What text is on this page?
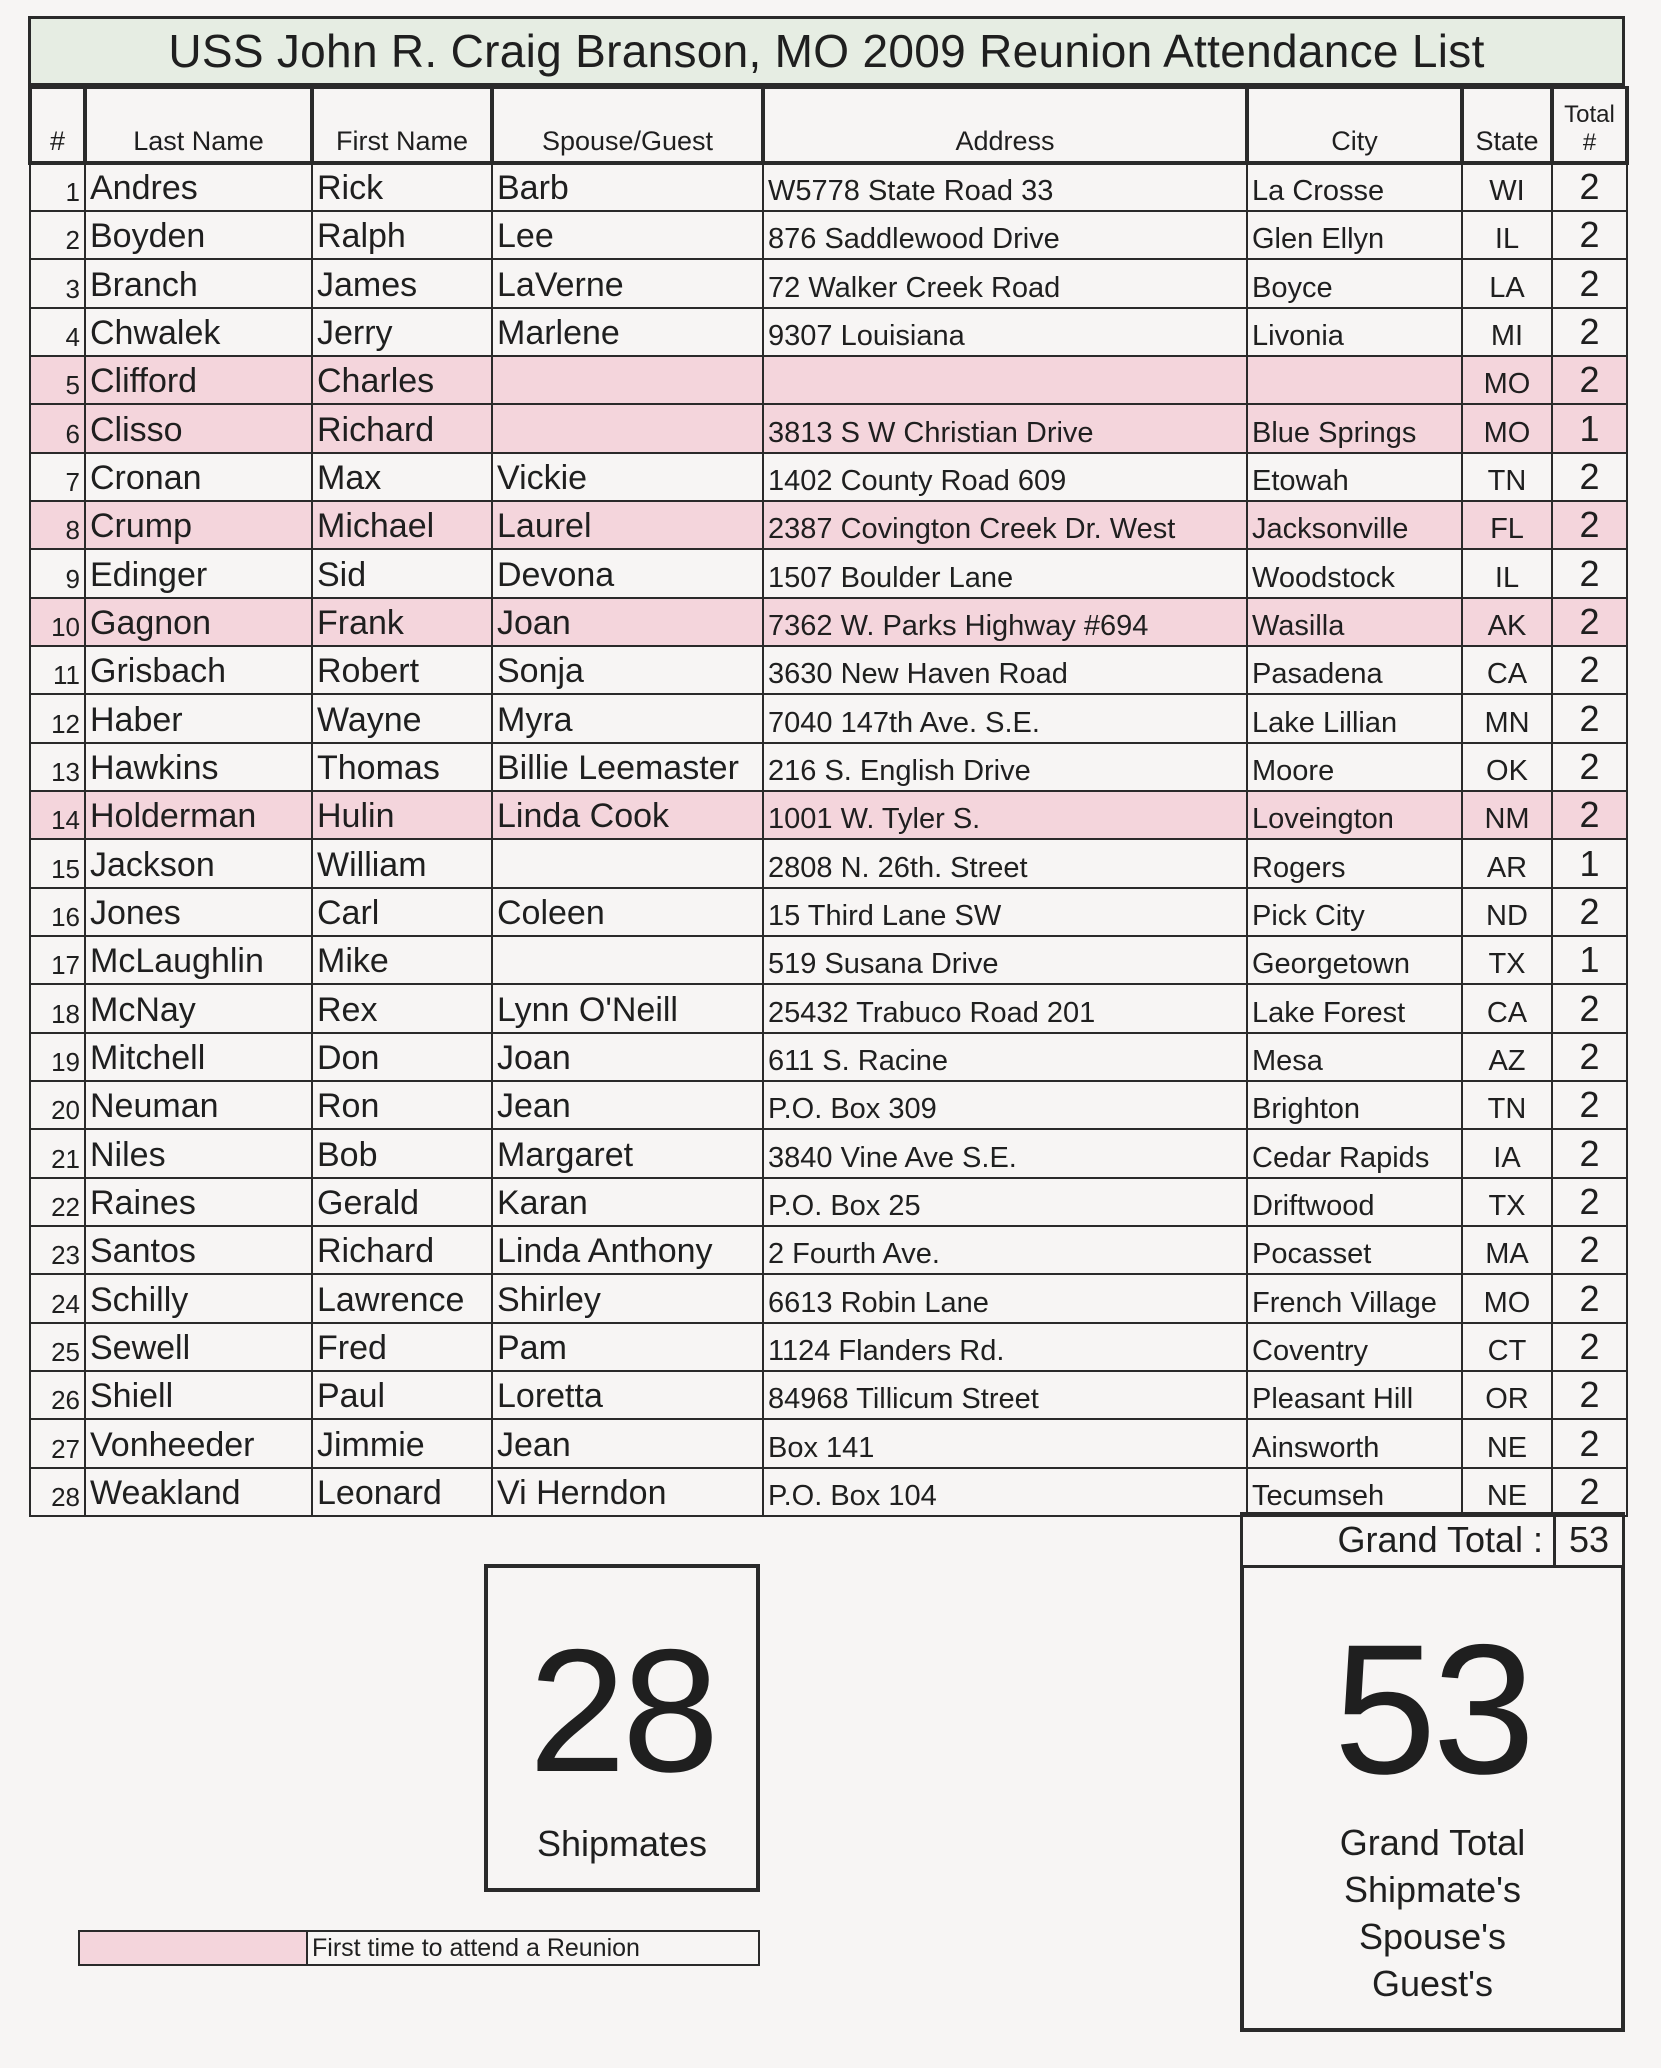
USS John R. Craig Branson, MO 2009 Reunion Attendance List
#	Last Name	First Name	Spouse/Guest	Address	City	State	Total
#
1	Andres	Rick	Barb	W5778 State Road 33	La Crosse	WI	2
2	Boyden	Ralph	Lee	876 Saddlewood Drive	Glen Ellyn	IL	2
3	Branch	James	LaVerne	72 Walker Creek Road	Boyce	LA	2
4	Chwalek	Jerry	Marlene	9307 Louisiana	Livonia	MI	2
5	Clifford	Charles				MO	2
6	Clisso	Richard		3813 S W Christian Drive	Blue Springs	MO	1
7	Cronan	Max	Vickie	1402 County Road 609	Etowah	TN	2
8	Crump	Michael	Laurel	2387 Covington Creek Dr. West	Jacksonville	FL	2
9	Edinger	Sid	Devona	1507 Boulder Lane	Woodstock	IL	2
10	Gagnon	Frank	Joan	7362 W. Parks Highway #694	Wasilla	AK	2
11	Grisbach	Robert	Sonja	3630 New Haven Road	Pasadena	CA	2
12	Haber	Wayne	Myra	7040 147th Ave. S.E.	Lake Lillian	MN	2
13	Hawkins	Thomas	Billie Leemaster	216 S. English Drive	Moore	OK	2
14	Holderman	Hulin	Linda Cook	1001 W. Tyler S.	Loveington	NM	2
15	Jackson	William		2808 N. 26th. Street	Rogers	AR	1
16	Jones	Carl	Coleen	15 Third Lane SW	Pick City	ND	2
17	McLaughlin	Mike		519 Susana Drive	Georgetown	TX	1
18	McNay	Rex	Lynn O'Neill	25432 Trabuco Road 201	Lake Forest	CA	2
19	Mitchell	Don	Joan	611 S. Racine	Mesa	AZ	2
20	Neuman	Ron	Jean	P.O. Box 309	Brighton	TN	2
21	Niles	Bob	Margaret	3840 Vine Ave S.E.	Cedar Rapids	IA	2
22	Raines	Gerald	Karan	P.O. Box 25	Driftwood	TX	2
23	Santos	Richard	Linda Anthony	2 Fourth Ave.	Pocasset	MA	2
24	Schilly	Lawrence	Shirley	6613 Robin Lane	French Village	MO	2
25	Sewell	Fred	Pam	1124 Flanders Rd.	Coventry	CT	2
26	Shiell	Paul	Loretta	84968 Tillicum Street	Pleasant Hill	OR	2
27	Vonheeder	Jimmie	Jean	Box 141	Ainsworth	NE	2
28	Weakland	Leonard	Vi Herndon	P.O. Box 104	Tecumseh	NE	2
Grand Total : 53
28
Shipmates
53
Grand Total
Shipmate's
Spouse's
Guest's
First time to attend a Reunion
